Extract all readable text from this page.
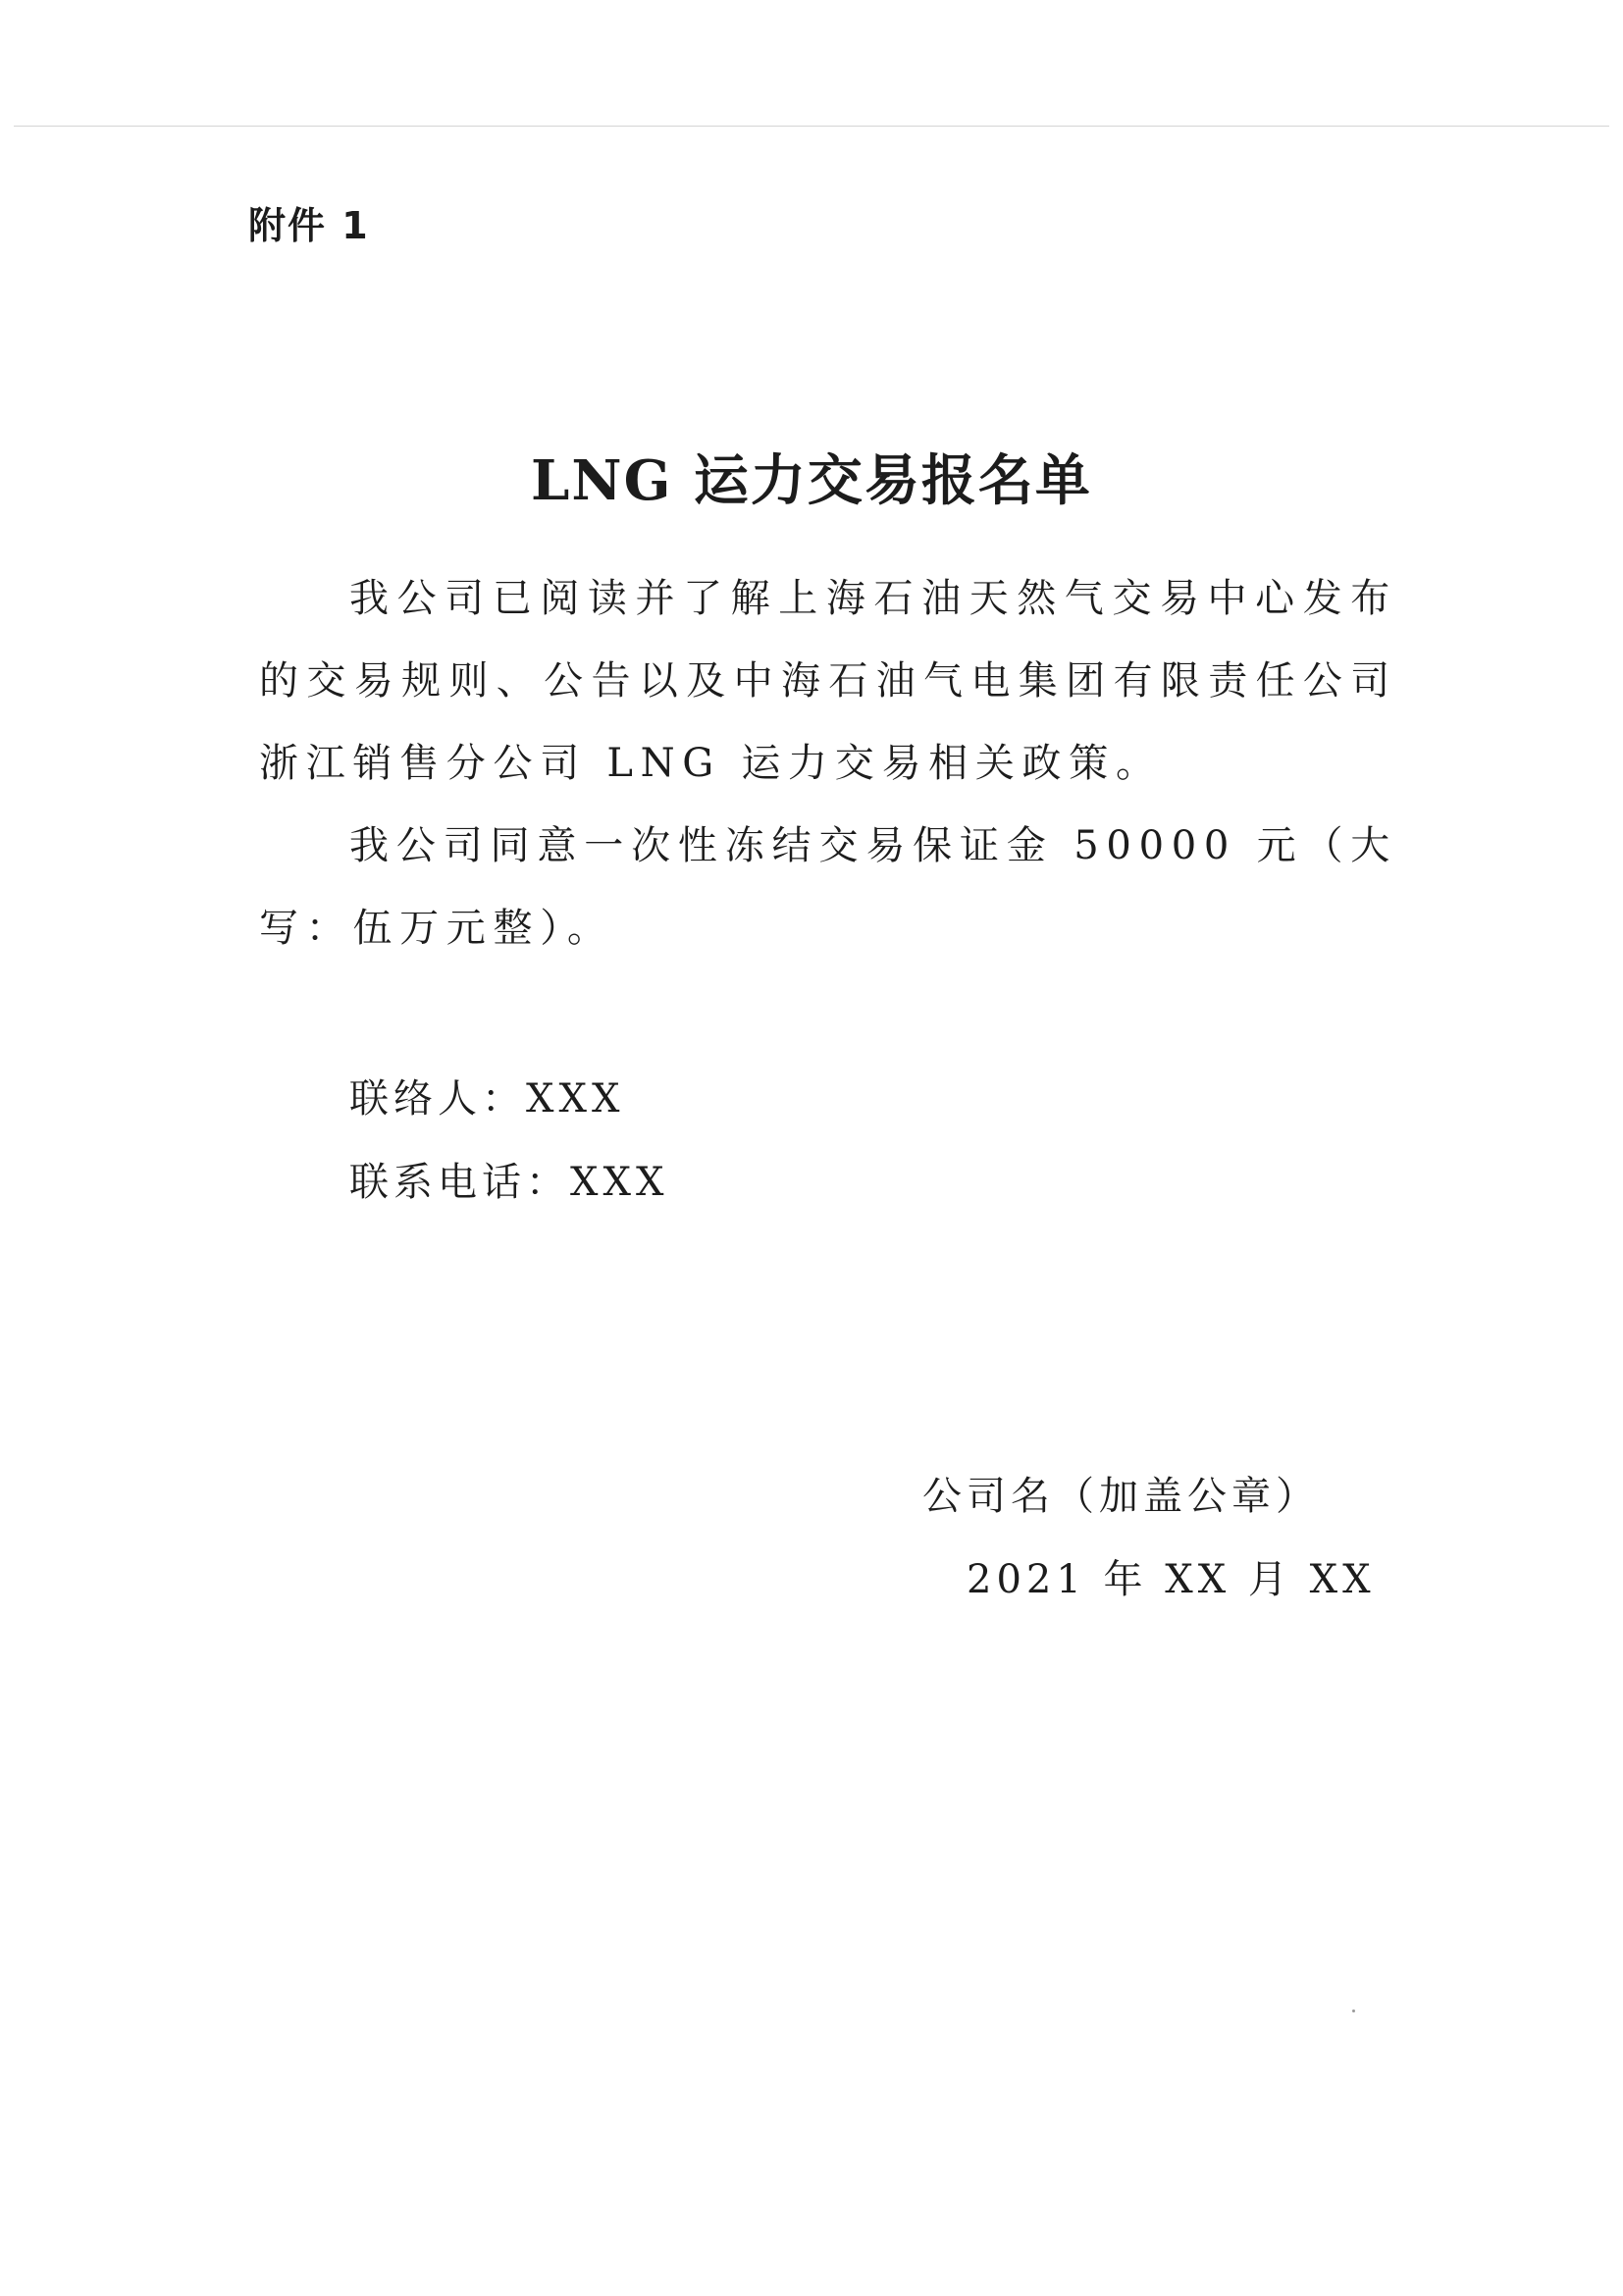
附件 1
LNG 运力交易报名单

我公司已阅读并了解上海石油天然气交易中心发布的交易规则、公告以及中海石油气电集团有限责任公司浙江销售分公司 LNG 运力交易相关政策。

我公司同意一次性冻结交易保证金 50000 元（大写：伍万元整）。

联络人：XXX
联系电话：XXX
公司名（加盖公章）
2021 年 XX 月 XX
